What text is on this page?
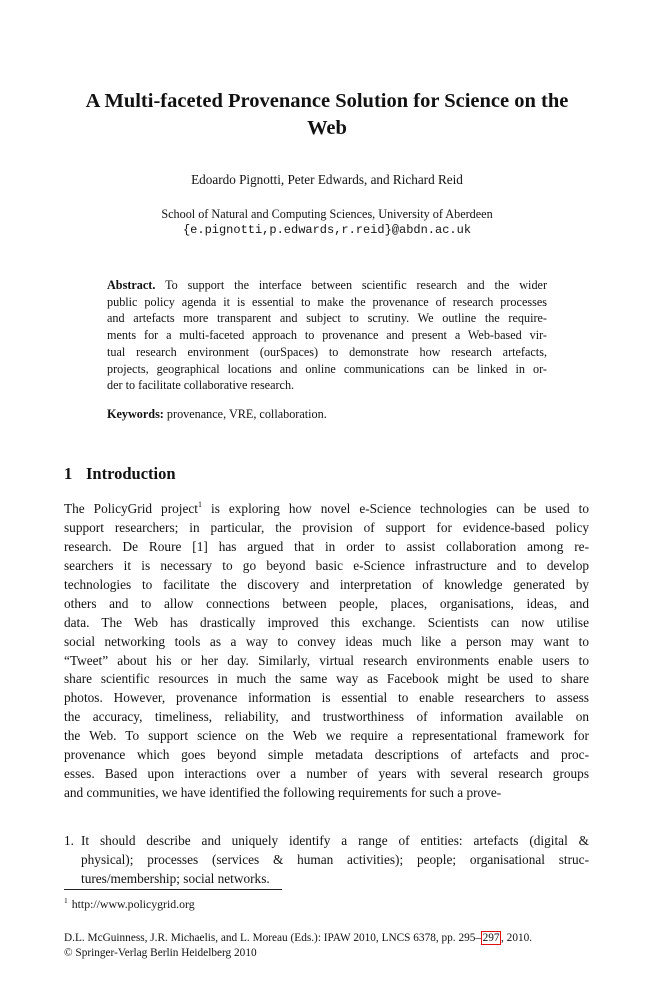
A Multi-faceted Provenance Solution for Science on the
Web
Edoardo Pignotti, Peter Edwards, and Richard Reid
School of Natural and Computing Sciences, University of Aberdeen
{e.pignotti,p.edwards,r.reid}@abdn.ac.uk
Abstract. To support the interface between scientific research and the wider
public policy agenda it is essential to make the provenance of research processes
and artefacts more transparent and subject to scrutiny. We outline the require-
ments for a multi-faceted approach to provenance and present a Web-based vir-
tual research environment (ourSpaces) to demonstrate how research artefacts,
projects, geographical locations and online communications can be linked in or-
der to facilitate collaborative research.
Keywords: provenance, VRE, collaboration.
1 Introduction
The PolicyGrid project$^1$ is exploring how novel e-Science technologies can be used to
support researchers; in particular, the provision of support for evidence-based policy
research. De Roure [1] has argued that in order to assist collaboration among re-
searchers it is necessary to go beyond basic e-Science infrastructure and to develop
technologies to facilitate the discovery and interpretation of knowledge generated by
others and to allow connections between people, places, organisations, ideas, and
data. The Web has drastically improved this exchange. Scientists can now utilise
social networking tools as a way to convey ideas much like a person may want to
“Tweet” about his or her day. Similarly, virtual research environments enable users to
share scientific resources in much the same way as Facebook might be used to share
photos. However, provenance information is essential to enable researchers to assess
the accuracy, timeliness, reliability, and trustworthiness of information available on
the Web. To support science on the Web we require a representational framework for
provenance which goes beyond simple metadata descriptions of artefacts and proc-
esses. Based upon interactions over a number of years with several research groups
and communities, we have identified the following requirements for such a prove-
1. It should describe and uniquely identify a range of entities: artefacts (digital &
physical); processes (services & human activities); people; organisational struc-
tures/membership; social networks.
$^1$ http://www.policygrid.org
D.L. McGuinness, J.R. Michaelis, and L. Moreau (Eds.): IPAW 2010, LNCS 6378, pp. 295– 297 , 2010.
© Springer-Verlag Berlin Heidelberg 2010
